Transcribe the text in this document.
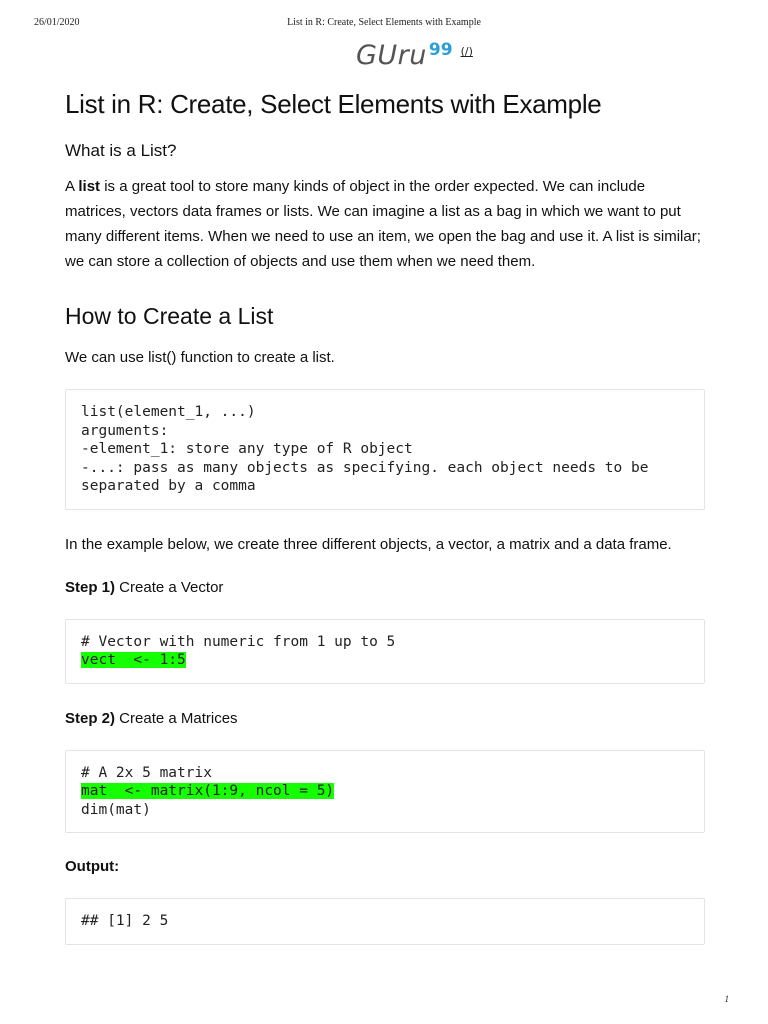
26/01/2020	List in R: Create, Select Elements with Example
GUru 99 (/)
List in R: Create, Select Elements with Example
What is a List?

A list is a great tool to store many kinds of object in the order expected. We can include matrices, vectors data frames or lists. We can imagine a list as a bag in which we want to put many different items. When we need to use an item, we open the bag and use it. A list is similar; we can store a collection of objects and use them when we need them.

How to Create a List

We can use list() function to create a list.

list(element_1, ...)
arguments:
-element_1: store any type of R object
-...: pass as many objects as specifying. each object needs to be
separated by a comma

In the example below, we create three different objects, a vector, a matrix and a data frame.

Step 1) Create a Vector

# Vector with numeric from 1 up to 5
vect  <- 1:5

Step 2) Create a Matrices

# A 2x 5 matrix
mat  <- matrix(1:9, ncol = 5)
dim(mat)

Output:

## [1] 2 5
1
